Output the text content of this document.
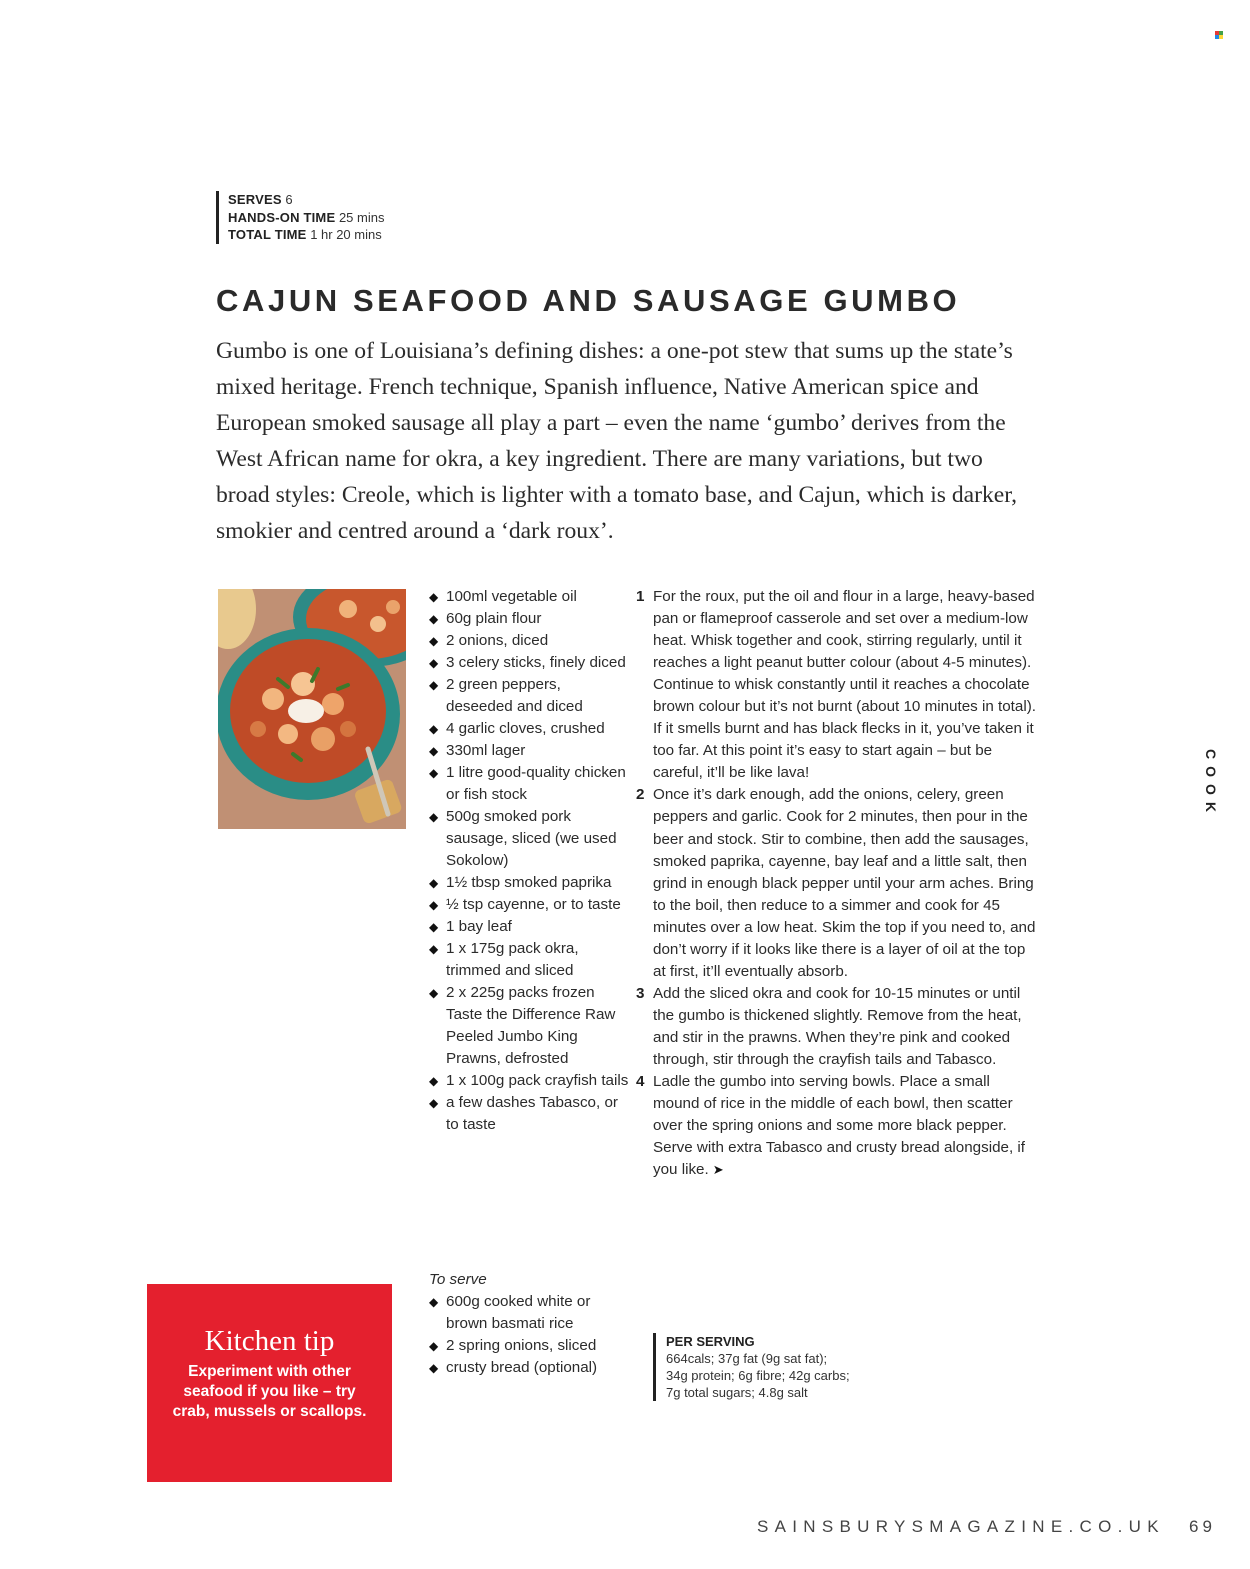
SERVES 6
HANDS-ON TIME 25 mins
TOTAL TIME 1 hr 20 mins
CAJUN SEAFOOD AND SAUSAGE GUMBO

Gumbo is one of Louisiana’s defining dishes: a one-pot stew that sums up the state’s mixed heritage. French technique, Spanish influence, Native American spice and European smoked sausage all play a part – even the name ‘gumbo’ derives from the West African name for okra, a key ingredient. There are many variations, but two broad styles: Creole, which is lighter with a tomato base, and Cajun, which is darker, smokier and centred around a ‘dark roux’.

◆ 100ml vegetable oil
◆ 60g plain flour
◆ 2 onions, diced
◆ 3 celery sticks, finely diced
◆ 2 green peppers, deseeded and diced
◆ 4 garlic cloves, crushed
◆ 330ml lager
◆ 1 litre good-quality chicken or fish stock
◆ 500g smoked pork sausage, sliced (we used Sokolow)
◆ 1½ tbsp smoked paprika
◆ ½ tsp cayenne, or to taste
◆ 1 bay leaf
◆ 1 x 175g pack okra, trimmed and sliced
◆ 2 x 225g packs frozen Taste the Difference Raw Peeled Jumbo King Prawns, defrosted
◆ 1 x 100g pack crayfish tails
◆ a few dashes Tabasco, or to taste
To serve
◆ 600g cooked white or brown basmati rice
◆ 2 spring onions, sliced
◆ crusty bread (optional)
1 For the roux, put the oil and flour in a large, heavy-based pan or flameproof casserole and set over a medium-low heat. Whisk together and cook, stirring regularly, until it reaches a light peanut butter colour (about 4-5 minutes). Continue to whisk constantly until it reaches a chocolate brown colour but it’s not burnt (about 10 minutes in total). If it smells burnt and has black flecks in it, you’ve taken it too far. At this point it’s easy to start again – but be careful, it’ll be like lava!
2 Once it’s dark enough, add the onions, celery, green peppers and garlic. Cook for 2 minutes, then pour in the beer and stock. Stir to combine, then add the sausages, smoked paprika, cayenne, bay leaf and a little salt, then grind in enough black pepper until your arm aches. Bring to the boil, then reduce to a simmer and cook for 45 minutes over a low heat. Skim the top if you need to, and don’t worry if it looks like there is a layer of oil at the top at first, it’ll eventually absorb.
3 Add the sliced okra and cook for 10-15 minutes or until the gumbo is thickened slightly. Remove from the heat, and stir in the prawns. When they’re pink and cooked through, stir through the crayfish tails and Tabasco.
4 Ladle the gumbo into serving bowls. Place a small mound of rice in the middle of each bowl, then scatter over the spring onions and some more black pepper. Serve with extra Tabasco and crusty bread alongside, if you like. ➤
PER SERVING
664cals; 37g fat (9g sat fat);
34g protein; 6g fibre; 42g carbs;
7g total sugars; 4.8g salt
Kitchen tip

Experiment with other seafood if you like – try crab, mussels or scallops.

COOK
SAINSBURYSMAGAZINE.CO.UK 69
